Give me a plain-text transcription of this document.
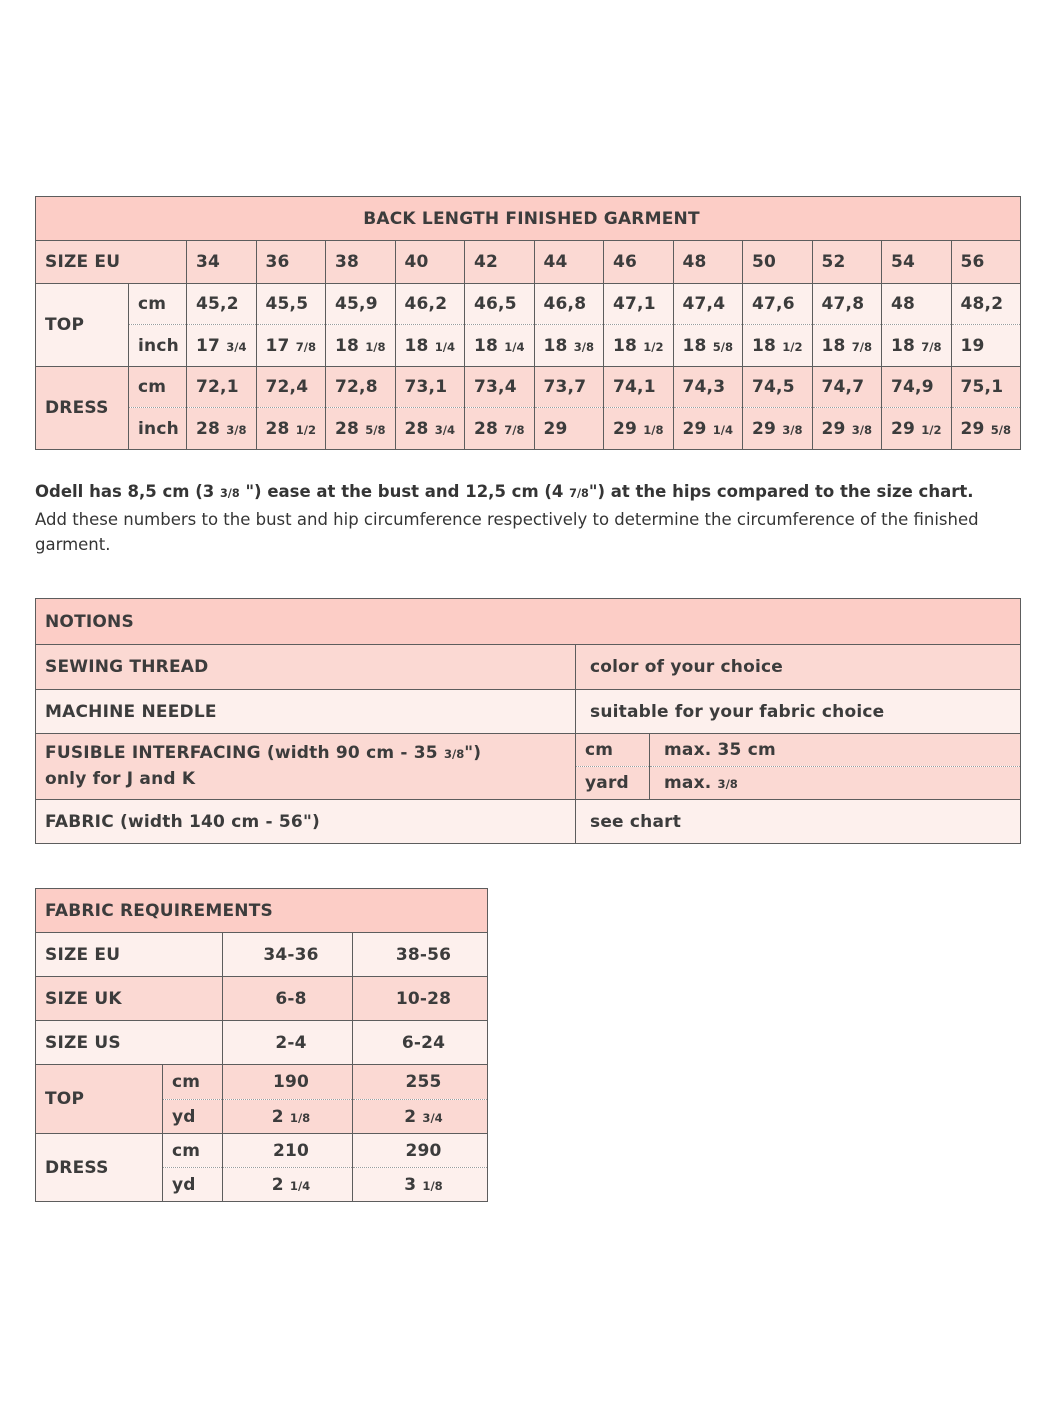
BACK LENGTH FINISHED GARMENT													
SIZE EU		34	36	38	40	42	44	46	48	50	52	54	56
TOP	cm	45,2	45,5	45,9	46,2	46,5	46,8	47,1	47,4	47,6	47,8	48	48,2
	inch	17 3/4	17 7/8	18 1/8	18 1/4	18 1/4	18 3/8	18 1/2	18 5/8	18 1/2	18 7/8	18 7/8	19
DRESS	cm	72,1	72,4	72,8	73,1	73,4	73,7	74,1	74,3	74,5	74,7	74,9	75,1
	inch	28 3/8	28 1/2	28 5/8	28 3/4	28 7/8	29	29 1/8	29 1/4	29 3/8	29 3/8	29 1/2	29 5/8
Odell has 8,5 cm (3 3/8 ") ease at the bust and 12,5 cm (4 7/8") at the hips compared to the size chart.
Add these numbers to the bust and hip circumference respectively to determine the circumference of the finished garment.
NOTIONS		
SEWING THREAD	color of your choice	
MACHINE NEEDLE	suitable for your fabric choice	
FUSIBLE INTERFACING (width 90 cm - 35 3/8")
only for J and K	cm	max. 35 cm
	yard	max. 3/8
FABRIC (width 140 cm - 56")	see chart	
FABRIC REQUIREMENTS			
SIZE EU		34-36	38-56
SIZE UK		6-8	10-28
SIZE US		2-4	6-24
TOP	cm	190	255
	yd	2 1/8	2 3/4
DRESS	cm	210	290
	yd	2 1/4	3 1/8
